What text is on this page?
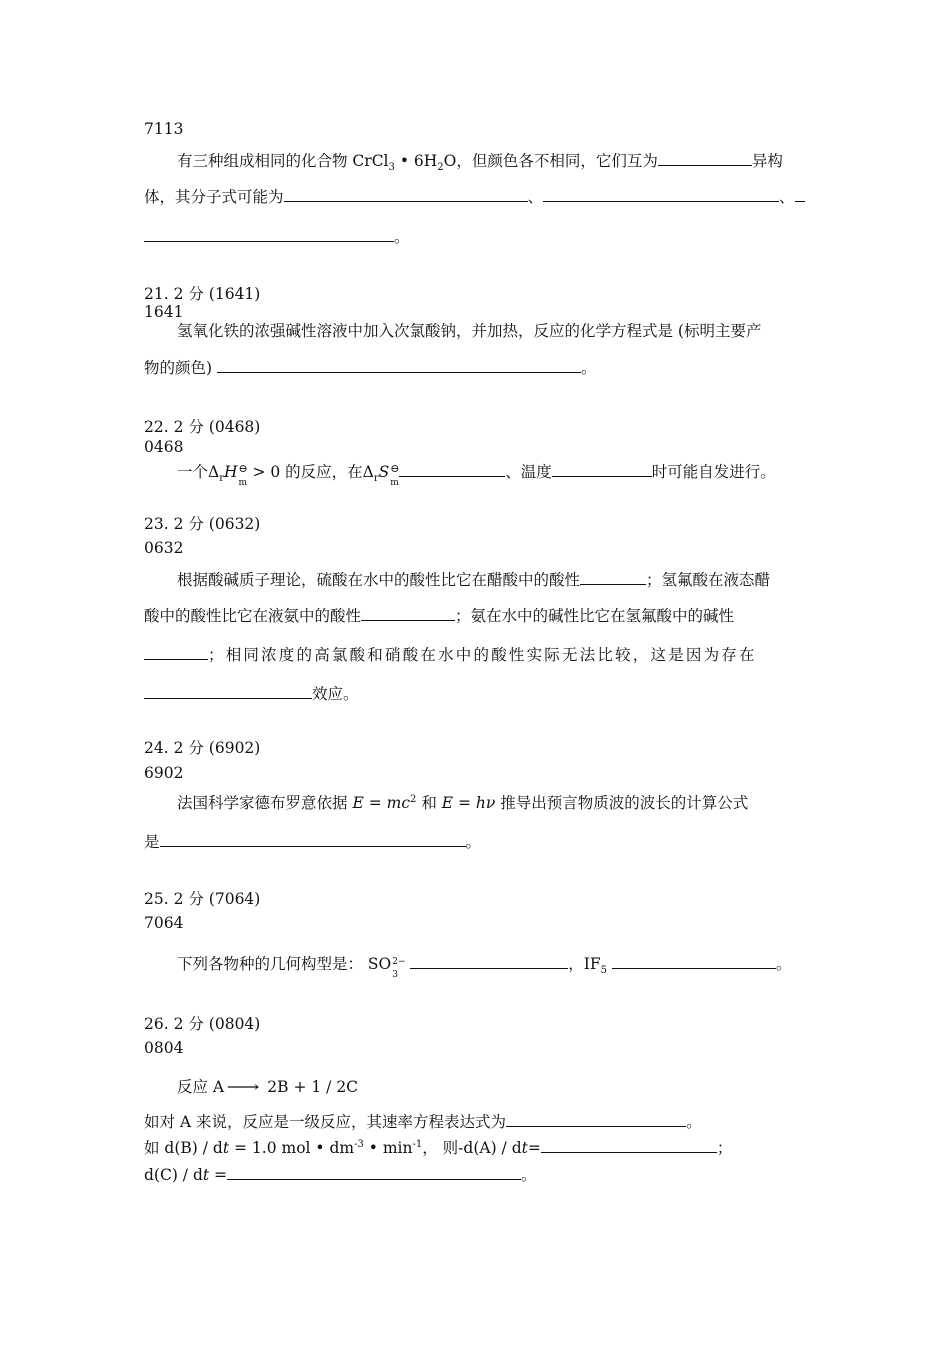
7113
有三种组成相同的化合物 CrCl$_3$ • $6H_2O$，但颜色各不相同，它们互为	异构
体，其分子式可能为	、	、
。
21. 2 分 (1641)
1641
氢氧化铁的浓强碱性溶液中加入次氯酸钠，并加热，反应的化学方程式是 (标明主要产
物的颜色)	。
22. 2 分 (0468)
0468
一个$\Delta_rH$ ⊖
m
> 0 的反应，在$\Delta_rS$ ⊖
m
、温度	时可能自发进行。
23. 2 分 (0632)
0632
根据酸碱质子理论，硫酸在水中的酸性比它在醋酸中的酸性	；氢氟酸在液态醋
酸中的酸性比它在液氨中的酸性	；氨在水中的碱性比它在氢氟酸中的碱性
；相同浓度的高氯酸和硝酸在水中的酸性实际无法比较，这是因为存在
效应。
24. 2 分 (6902)
6902
法国科学家德布罗意依据 $E = mc^2$ 和 E = hν 推导出预言物质波的波长的计算公式
是	。
25. 2 分 (7064)
7064
下列各物种的几何构型是： SO 2−
3
，$IF_5$	。
26. 2 分 (0804)
0804
反应 A ⟶ 2B + 1 / 2C
如对 A 来说，反应是一级反应，其速率方程表达式为	。
如 d(B) / dt = 1.0 mol • $dm^{-3}$ • $\min^{-1}$， 则-d(A) / dt=	；
d(C) / dt =	。
